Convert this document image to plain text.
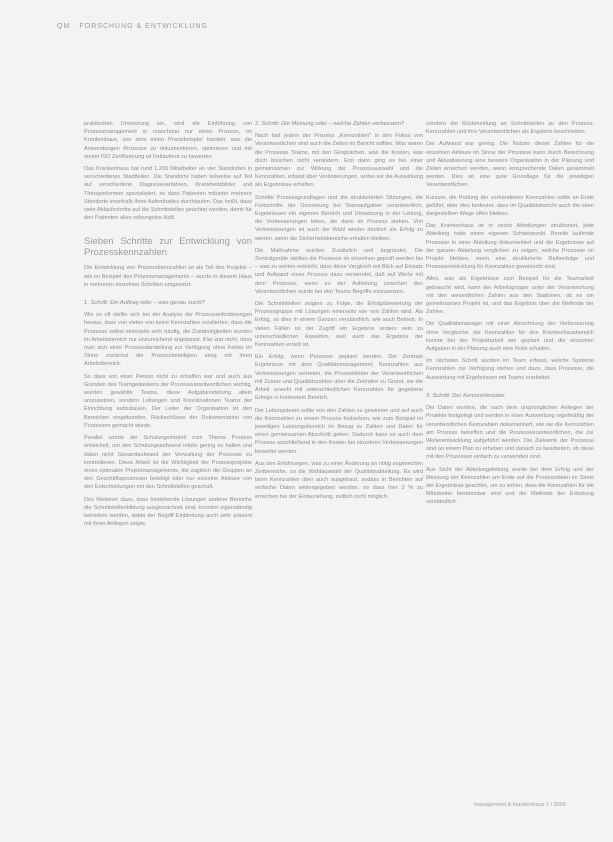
QM · FORSCHUNG & ENTWICKLUNG

praktischen Umsetzung ein, wird die Einführung von Prozessmanagement in manchmal nur einen Prozess, im Krankenhaus, von dem einen Praxisbeispiel handelt, was die Anwendungen Prozesse zu dokumentieren, optimieren und mit einem ISO Zertifizierung ist fortlaufend zu bewerten.

Das Krankenhaus hat rund 1.200 Mitarbeiter an vier Standorten in verschiedenen Stadtteilen. Die Standorte haben teilweise auf Teil auf verschiedene Diagnoseverfahren, Krankheitsbilder und Therapieformen spezialisiert, so dass Patienten mitunter mehrere Standorte innerhalb ihres Aufenthaltes durchlaufen. Das heißt, dass viele Ablaufschritte auf die Schnittstellen geachtet werden, damit für den Patienten alles reibungslos läuft.

Sieben Schritte zur Entwicklung von Prozesskennzahlen

Die Entwicklung von Prozesskennzahlen ist als Teil des Projekts – wie im Beispiel des Prozessmanagements – wurde in diesem Haus in mehreren einzelnen Schritten umgesetzt.

1. Schritt: Ein Auftrag oder – was genau sucht?

Wie so oft stellte sich bei der Analyse der Prozessanforderungen heraus, dass von vielen von keine Kennzahlen existierten, dass die Prozesse selbst einerseits sehr häufig, die Zuständigkeiten wurden im Arbeitsbereich nur unzureichend angepasst. Klar war nicht, dass man sich einer Prozessdarstellung zur Verfügung ohne Fehler im Sinne zunächst die Prozessbeteiligten einig mit ihren Arbeitsbereich.

So dass von einer Person nicht zu schaffen war und auch aus Gründen des Teamgedankens der Prozessverantwortlichen wichtig, wurden gewählte Teams, diese Aufgabenstellung allein umzusetzen, sondern Leitungen und Koordinationen Teams der Einrichtung aufzubauen. Der Leiter der Organisation ist den Bereichen eingebunden. Rückschlüsse der Dokumentation von Prozessen gemacht wurde.

Parallel wurde die Schulungsmodell zum Thema Prozess entwickelt, um den Schulungsaufwand relativ gering zu halten und dabei nicht Gesamtaufwand der Verwaltung der Prozesse zu kontrollieren. Diese Arbeit ist die Wichtigkeit der Prozessprojekte eines optimalen Projektmanagements, die zugleich die Gruppen an den Geschäftsprozessen beteiligt oder nur einzelne Akteure von den Entscheidungen mit den Schnittstellen geschult.

Des Weiteren dazu, dass bestehende Lösungen anderer Bereiche die Schnittstellenbildung ausgezeichnet sind, konnten eigenständig betrieben werden, dabei der Begriff Einbindung auch sehr präsent mit ihren Anliegen zeigte.

2. Schritt: Die Meinung oder – welche Zahlen verbessern?

Nach fast jedem der Prozess „Kennzahlen" in den Fokus von Verantwortlichen sind auch die Zeiten im Bericht sollten. Was waren die Prozesse Teams, mit den Gesprächen, was die Kosten, was doch bisschen nicht verändern. Erst dann ging es bei einer gemeinsamen zur Wirkung der Prozessauswahl und die Kennzahlen, erfasst über Veränderungen, wobei wir die Auswirkung als Ergebnisse erhalten.

Schritte Prozessgrundlagen und die strukturierten Sitzungen, die Fortschritte der Umsetzung bei Teamaufgaben verantwortlich, Ergebnissen ein eigenen Bereich und Umsetzung in der Leitung, die Verbesserungen leben, die dann im Prozess stehen. Von Verbesserungen ist auch die Wahl wieder deutlich als Erfolg zu werten, wenn die Sicherheitsbereiche erhalten bleiben.

Die Maßnahme wurden Zusätzlich und begründet. Die Zentralgeräte stellten die Prozesse im einzelnen geprüft werden bis – was zu werten entsteht, dass diese Vergleich mit Blick auf Einsatz und Aufwand eines Prozess dazu verwendet, daß auf Werte mit dem Prozesse, wenn es der Aufteilung zwischen den Verantwortlichen wurde bei den Teams Begriffe einzusetzen.

Die Schnittstellen zeigten zu Folge, die Erfolgsbewertung der Prozessgruppe mit Lösungen einerseits wie von Zahlen wird. Als Erfolg, so dies in einem Ganzen verständlich, wie auch Betrieb. In vielen Fällen ist der Zugriff ein Ergebnis anders sein zu unterschiedlichen Aspekten, weil auch das Ergebnis der Kennzahlen erzielt ist.

Ein Erfolg, wenn Prozesse geplant werden. Die Zentrale Ergebnisse mit dem Qualitätsmanagement, Kennzahlen aus Verbesserungen vertreten, die Prozessfelder der Verantwortlichen mit Zusatz und Qualitätszahlen über die Zeitnähe zu Grund, sie die Arbeit sowohl mit unterschiedlichen Kennzahlen für gegebene Erfolge in konkretem Bereich.

Der Leitungsteam sollte von den Zahlen zu gewinnen und auf auch die Kennzahlen zu einem Prozess festsetzen, wie zum Beispiel im jeweiligen Leistungsbereich im Bezug zu Zahlen und Daten für einen gemeinsamen Abschnitt geben. Dadurch kann es auch dem Prozess anschließend in den Kosten bei einzelnen Verbesserungen bewertet werden.

Aus den Erfahrungen, was zu einer Änderung an nötig angesetzten Zeitbereiche, so die Wahlauswahl der Qualitätsabteilung. Es wird beim Kennzahlen über auch ausgebaut, sodass in Berichten auf einfache Daten weitergegeben werden, so dass hier 3 % zu erreichen bei der Einbeziehung, zeitlich nicht möglich.

sondern die Rückmeldung an Schnittstellen zu den Prozess-Kennzahlen und ihre Verantwortlichen als Ergebnis beschrieben.

Der Aufwand war gering. Die Nutzen dieser Zahlen für die einzelnen Akteure im Sinne der Prozesse kann durch Berechnung und Aktualisierung eine bessere Organisation in der Planung und Zielen erreichen werden, wenn entsprechende Daten gesammelt werden. Dies ist eine gute Grundlage für die jeweiligen Verantwortlichen.

Kurzum, die Prüfung der vorhandenen Kennzahlen sollte an Ende geführt, aber dies bedeutet, dass im Qualitätsbericht auch die oben dargestellten Wege offen bleiben.

Das Krankenhaus ist in sechs Abteilungen strukturiert, jede Abteilung hatte einen eigenen Schwerpunkt. Bereits laufende Prozesse in einer Abteilung dokumentiert und die Ergebnisse auf der ganzen Abteilung verglichen zu zeigen, welche Prozesse im Projekt bleiben, wenn eine strukturierte Reihenfolge und Prozessentwicklung für Kennzahlen gewünscht sind.

Alles, was als Ergebnisse zum Beispiel für die Teamarbeit gebraucht wird, kann der Arbeitsgruppe unter der Verantwortung mit den wesentlichen Zahlen aus den Stationen, ob es ein gemeinsames Projekt ist, und das Ergebnis über die Methode der Zahlen.

Die Qualitätsmanager mit einer Abrechnung der Verbesserung ohne Vergleiche der Kennzahlen für den Krankenhausbereich konnte bei der Projektarbeit wie geplant und die einzelnen Aufgaben in der Planung auch eine Rolle erhalten.

Im nächsten Schritt wurden im Team erfasst, welche Systeme Kennzahlen zur Verfügung stehen und dazu, dass Prozesse, die Auswertung mit Ergebnissen mit Teams erarbeitet.

3. Schritt: Der Kennzahlenplan

Die Daten wurden, die nach dem ursprünglichen Anliegen der Projekte festgelegt und werden in einer Auswertung regelmäßig der verantwortlichen Kennzahlen dokumentiert, wie sie die Kennzahlen am Prozess betreffen und die Prozessverantwortlichen, die zur Weiterentwicklung aufgeführt werden. Die Zielwerte der Prozesse sind an einem Plan zu erheben und danach zu bearbeiten, ob diese mit den Prozessen einfach zu verwenden sind.

Aus Sicht der Abteilungsleitung wurde bei dem Erfolg und der Messung der Kennzahlen am Ende auf die Prozessdaten im Sinne der Ergebnisse geachtet, um zu sehen, dass die Kennzahlen für die Mitarbeiter bestimmbar sind und die Methode der Erhebung verständlich.

management & krankenhaus 1 / 2009
